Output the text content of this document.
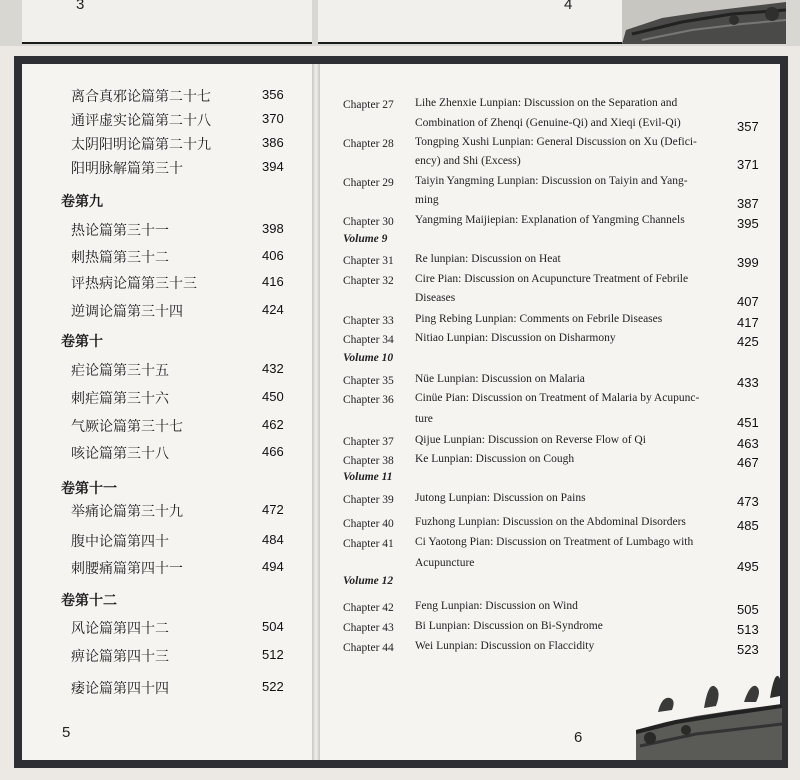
3	4
离合真邪论篇第二十七	356
通评虚实论篇第二十八	370
太阴阳明论篇第二十九	386
阳明脉解篇第三十	394
卷第九
热论篇第三十一	398
刺热篇第三十二	406
评热病论篇第三十三	416
逆调论篇第三十四	424
卷第十
疟论篇第三十五	432
刺疟篇第三十六	450
气厥论篇第三十七	462
咳论篇第三十八	466
卷第十一
举痛论篇第三十九	472
腹中论篇第四十	484
刺腰痛篇第四十一	494
卷第十二
风论篇第四十二	504
痹论篇第四十三	512
痿论篇第四十四	522
Chapter 27 Lihe Zhenxie Lunpian: Discussion on the Separation and
Combination of Zhenqi (Genuine-Qi) and Xieqi (Evil-Qi)	357
Chapter 28 Tongping Xushi Lunpian: General Discussion on Xu (Defici-
ency) and Shi (Excess)	371
Chapter 29 Taiyin Yangming Lunpian: Discussion on Taiyin and Yang-
ming	387
Chapter 30 Yangming Maijiepian: Explanation of Yangming Channels	395
Volume 9
Chapter 31 Re lunpian: Discussion on Heat	399
Chapter 32 Cire Pian: Discussion on Acupuncture Treatment of Febrile
Diseases	407
Chapter 33 Ping Rebing Lunpian: Comments on Febrile Diseases	417
Chapter 34 Nitiao Lunpian: Discussion on Disharmony	425
Volume 10
Chapter 35 Nüe Lunpian: Discussion on Malaria	433
Chapter 36 Cinüe Pian: Discussion on Treatment of Malaria by Acupunc-
ture	451
Chapter 37 Qijue Lunpian: Discussion on Reverse Flow of Qi	463
Chapter 38 Ke Lunpian: Discussion on Cough	467
Volume 11
Chapter 39 Jutong Lunpian: Discussion on Pains	473
Chapter 40 Fuzhong Lunpian: Discussion on the Abdominal Disorders	485
Chapter 41 Ci Yaotong Pian: Discussion on Treatment of Lumbago with
Acupuncture	495
Volume 12
Chapter 42 Feng Lunpian: Discussion on Wind	505
Chapter 43 Bi Lunpian: Discussion on Bi-Syndrome	513
Chapter 44 Wei Lunpian: Discussion on Flaccidity	523
5	6
